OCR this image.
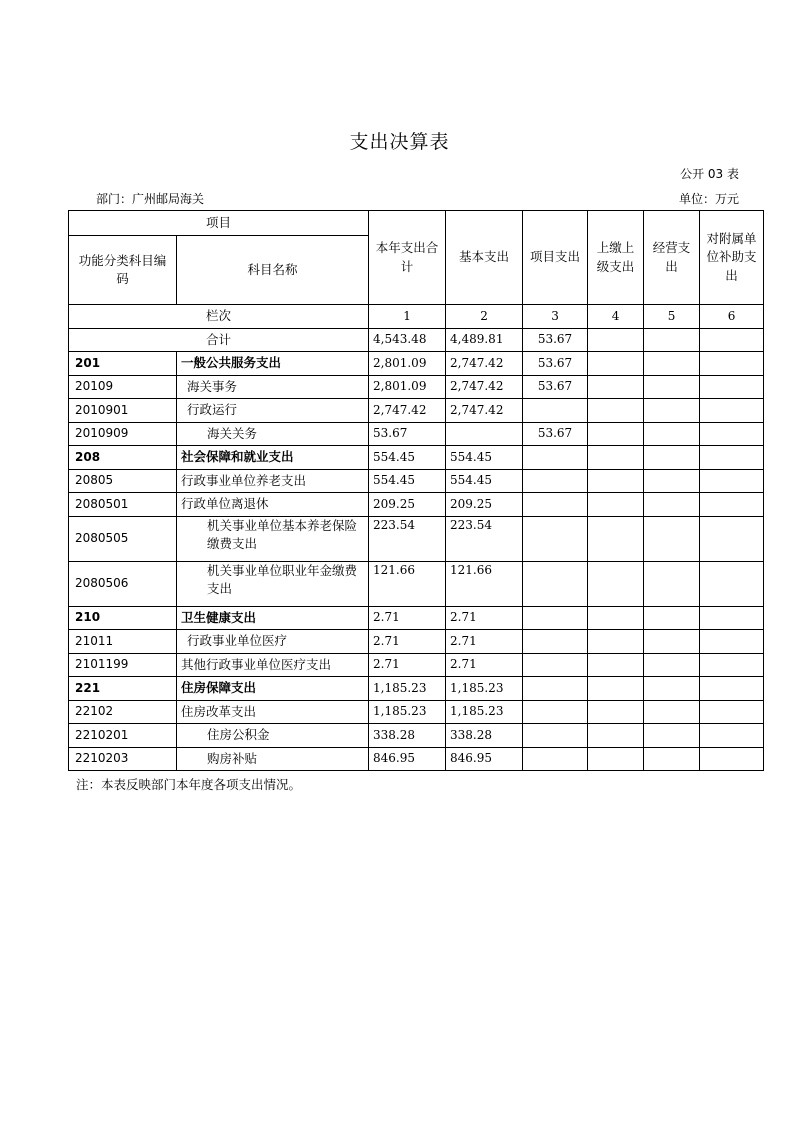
支出决算表
公开 03 表
部门：广州邮局海关	单位：万元
项目		本年支出合计	基本支出	项目支出	上缴上级支出	经营支出	对附属单位补助支出
功能分类科目编码	科目名称						
栏次		1	2	3	4	5	6
合计		4,543.48	4,489.81	53.67			
201	一般公共服务支出	2,801.09	2,747.42	53.67			
20109	海关事务	2,801.09	2,747.42	53.67			
2010901	行政运行	2,747.42	2,747.42				
2010909	海关关务	53.67		53.67			
208	社会保障和就业支出	554.45	554.45				
20805	行政事业单位养老支出	554.45	554.45				
2080501	行政单位离退休	209.25	209.25				
2080505	机关事业单位基本养老保险缴费支出	223.54	223.54				
2080506	机关事业单位职业年金缴费支出	121.66	121.66				
210	卫生健康支出	2.71	2.71				
21011	行政事业单位医疗	2.71	2.71				
2101199	其他行政事业单位医疗支出	2.71	2.71				
221	住房保障支出	1,185.23	1,185.23				
22102	住房改革支出	1,185.23	1,185.23				
2210201	住房公积金	338.28	338.28				
2210203	购房补贴	846.95	846.95				
注：本表反映部门本年度各项支出情况。
